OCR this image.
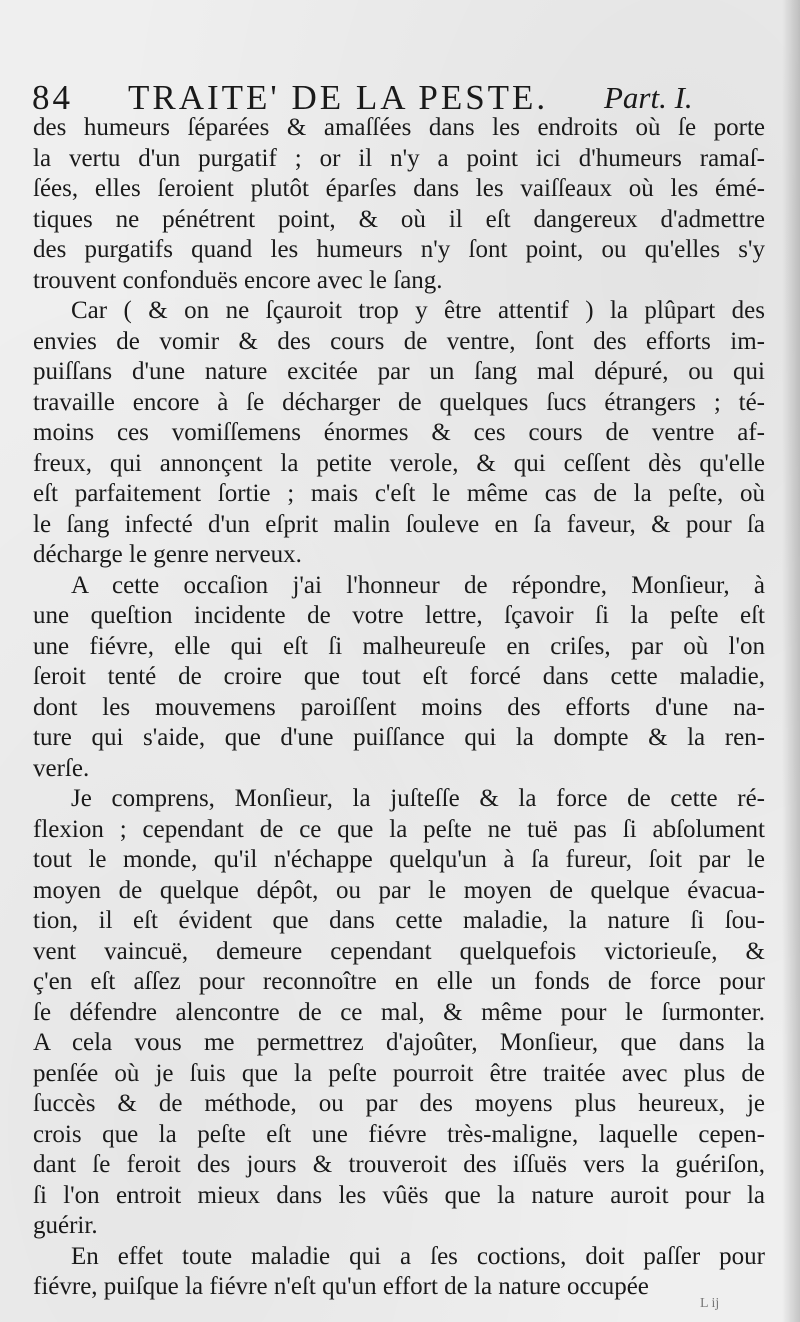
84 TRAITE' DE LA PESTE. Part. I.
des humeurs ſéparées & amaſſées dans les endroits où ſe porte
la vertu d'un purgatif ; or il n'y a point ici d'humeurs ramaſ-
ſées, elles ſeroient plutôt éparſes dans les vaiſſeaux où les émé-
tiques ne pénétrent point, & où il eſt dangereux d'admettre
des purgatifs quand les humeurs n'y ſont point, ou qu'elles s'y
trouvent confonduës encore avec le ſang.
Car ( & on ne ſçauroit trop y être attentif ) la plûpart des
envies de vomir & des cours de ventre, ſont des efforts im-
puiſſans d'une nature excitée par un ſang mal dépuré, ou qui
travaille encore à ſe décharger de quelques ſucs étrangers ; té-
moins ces vomiſſemens énormes & ces cours de ventre af-
freux, qui annonçent la petite verole, & qui ceſſent dès qu'elle
eſt parfaitement ſortie ; mais c'eſt le même cas de la peſte, où
le ſang infecté d'un eſprit malin ſouleve en ſa faveur, & pour ſa
décharge le genre nerveux.
A cette occaſion j'ai l'honneur de répondre, Monſieur, à
une queſtion incidente de votre lettre, ſçavoir ſi la peſte eſt
une fiévre, elle qui eſt ſi malheureuſe en criſes, par où l'on
ſeroit tenté de croire que tout eſt forcé dans cette maladie,
dont les mouvemens paroiſſent moins des efforts d'une na-
ture qui s'aide, que d'une puiſſance qui la dompte & la ren-
verſe.
Je comprens, Monſieur, la juſteſſe & la force de cette ré-
flexion ; cependant de ce que la peſte ne tuë pas ſi abſolument
tout le monde, qu'il n'échappe quelqu'un à ſa fureur, ſoit par le
moyen de quelque dépôt, ou par le moyen de quelque évacua-
tion, il eſt évident que dans cette maladie, la nature ſi ſou-
vent vaincuë, demeure cependant quelquefois victorieuſe, &
ç'en eſt aſſez pour reconnoître en elle un fonds de force pour
ſe défendre alencontre de ce mal, & même pour le ſurmonter.
A cela vous me permettrez d'ajoûter, Monſieur, que dans la
penſée où je ſuis que la peſte pourroit être traitée avec plus de
ſuccès & de méthode, ou par des moyens plus heureux, je
crois que la peſte eſt une fiévre très-maligne, laquelle cepen-
dant ſe feroit des jours & trouveroit des iſſuës vers la guériſon,
ſi l'on entroit mieux dans les vûës que la nature auroit pour la
guérir.
En effet toute maladie qui a ſes coctions, doit paſſer pour
fiévre, puiſque la fiévre n'eſt qu'un effort de la nature occupée
L ij
